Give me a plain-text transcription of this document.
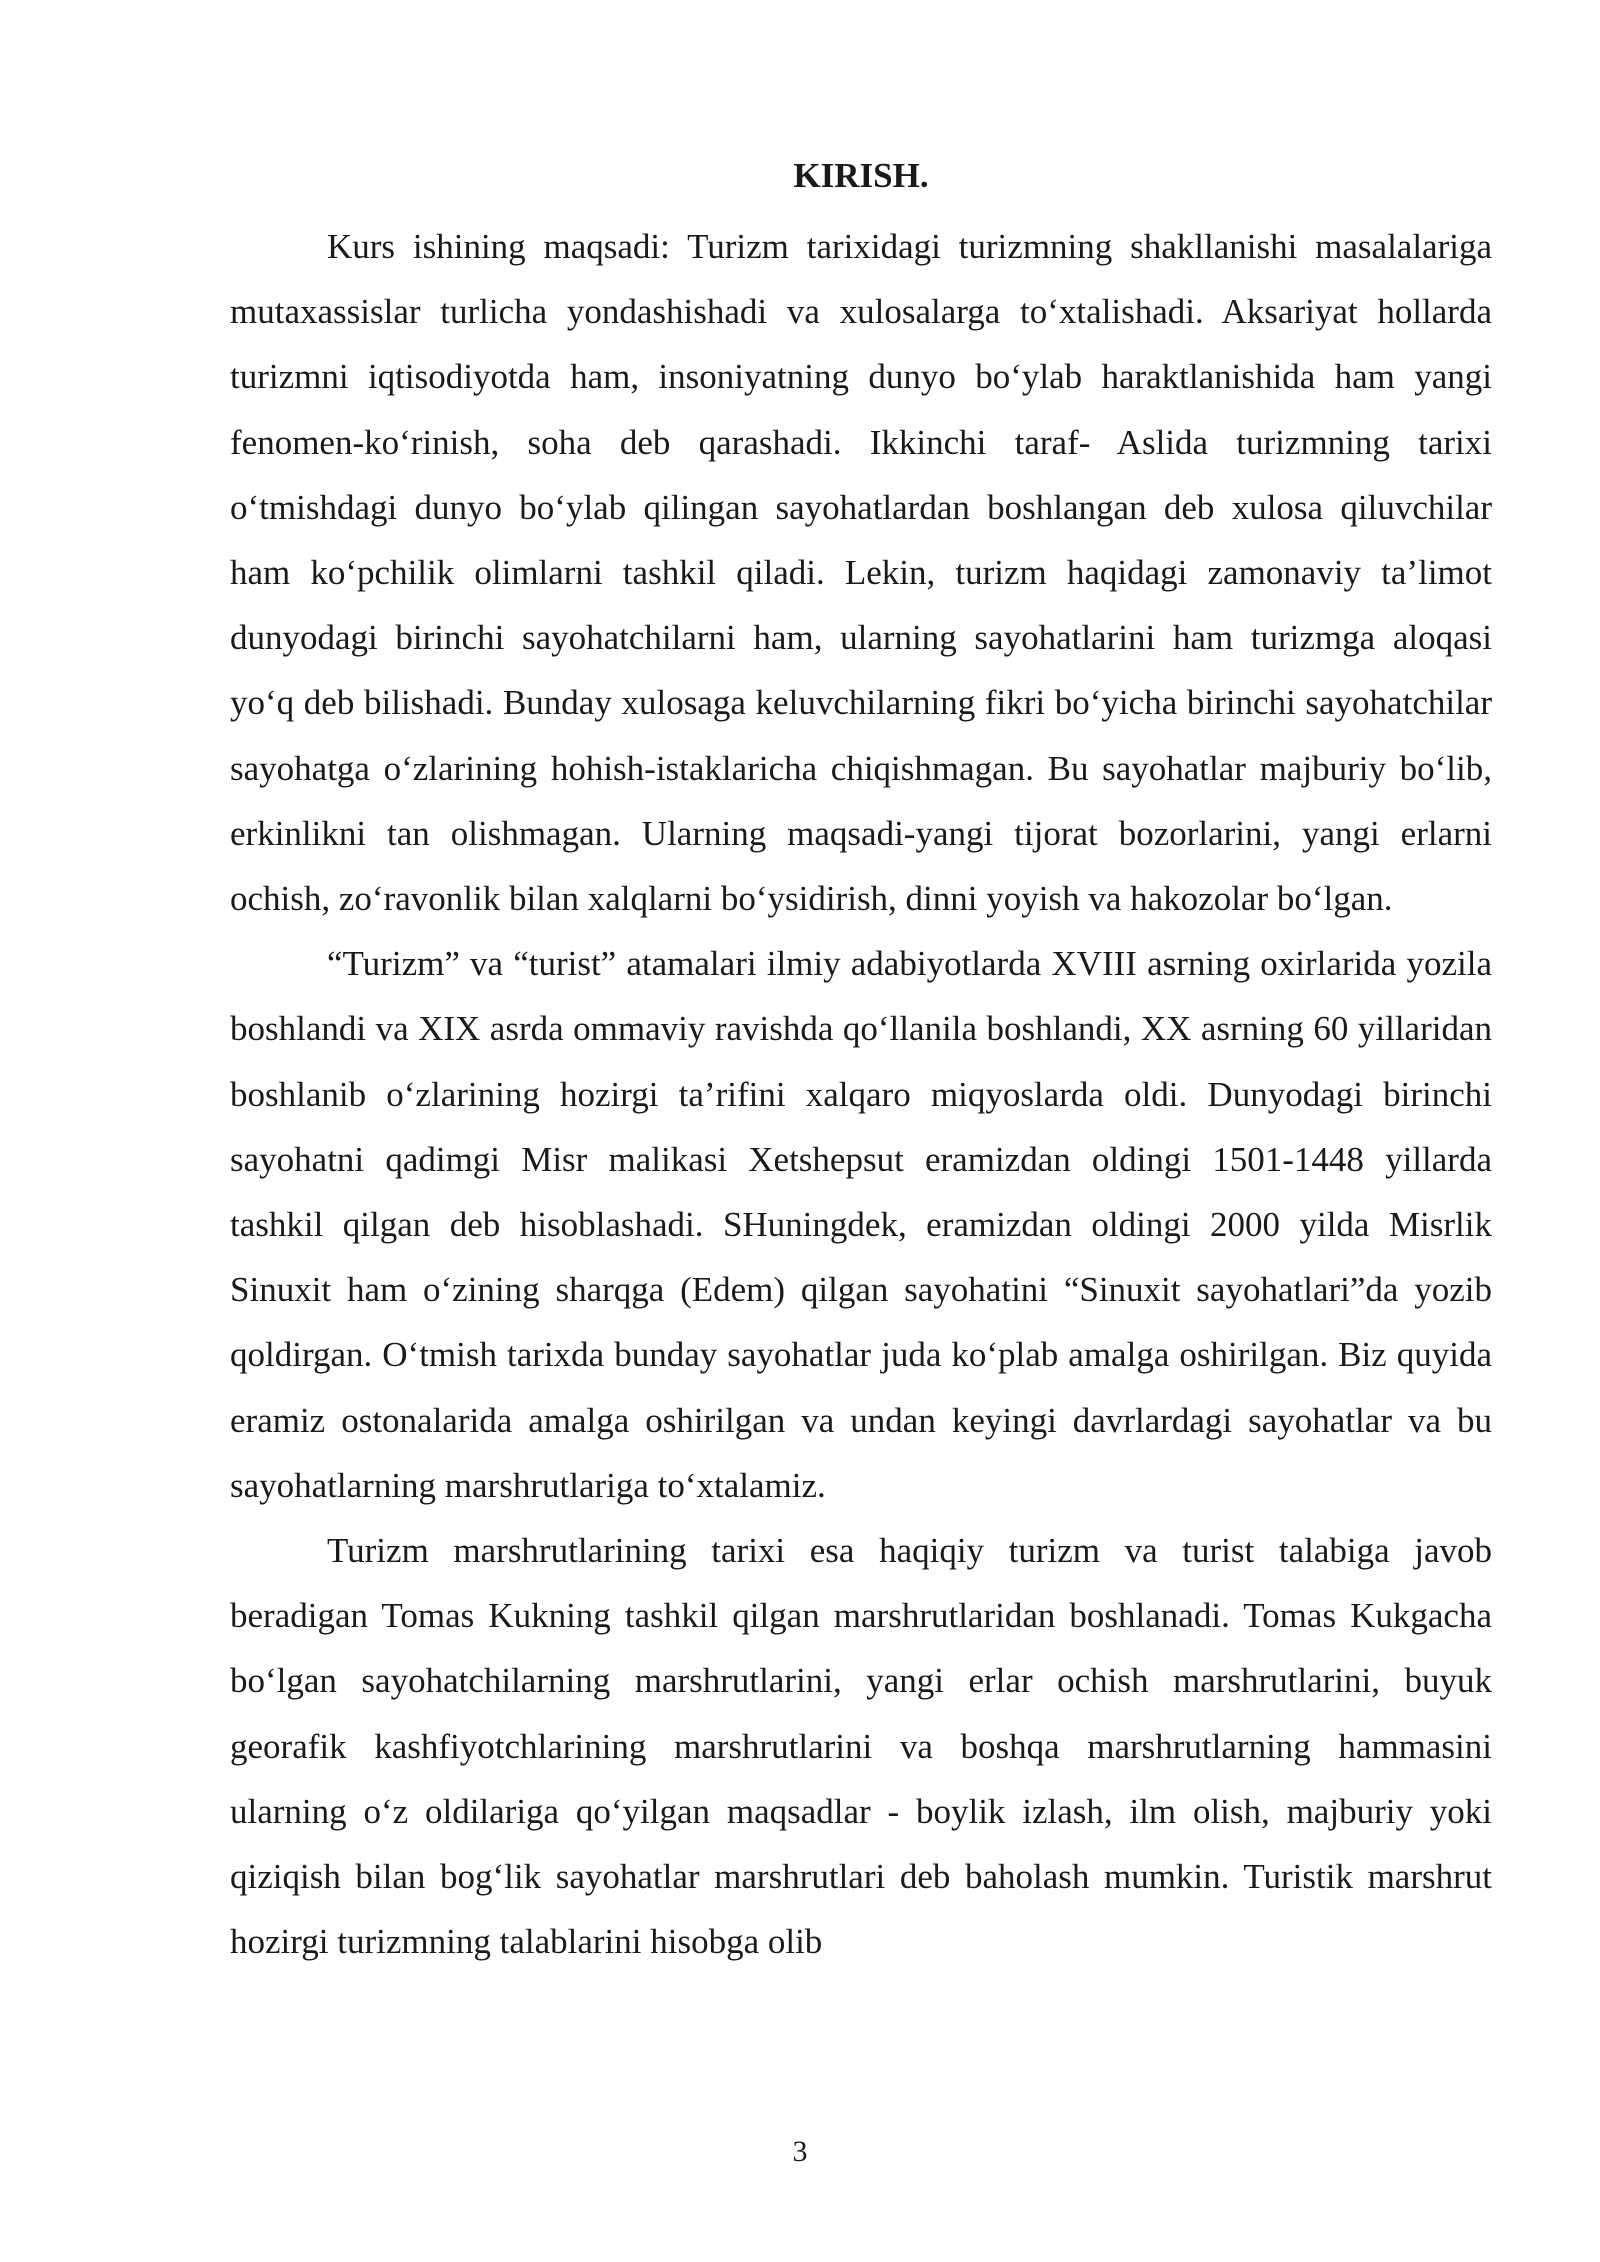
KIRISH.

Kurs ishining maqsadi: Turizm tarixidagi turizmning shakllanishi masalalariga mutaxassislar turlicha yondashishadi va xulosalarga to‘xtalishadi. Aksariyat hollarda turizmni iqtisodiyotda ham, insoniyatning dunyo bo‘ylab haraktlanishida ham yangi fenomen-ko‘rinish, soha deb qarashadi. Ikkinchi taraf- Aslida turizmning tarixi o‘tmishdagi dunyo bo‘ylab qilingan sayohatlardan boshlangan deb xulosa qiluvchilar ham ko‘pchilik olimlarni tashkil qiladi. Lekin, turizm haqidagi zamonaviy ta’limot dunyodagi birinchi sayohatchilarni ham, ularning sayohatlarini ham turizmga aloqasi yo‘q deb bilishadi. Bunday xulosaga keluvchilarning fikri bo‘yicha birinchi sayohatchilar sayohatga o‘zlarining hohish-istaklaricha chiqishmagan. Bu sayohatlar majburiy bo‘lib, erkinlikni tan olishmagan. Ularning maqsadi-yangi tijorat bozorlarini, yangi erlarni ochish, zo‘ravonlik bilan xalqlarni bo‘ysidirish, dinni yoyish va hakozolar bo‘lgan.

“Turizm” va “turist” atamalari ilmiy adabiyotlarda XVIII asrning oxirlarida yozila boshlandi va XIX asrda ommaviy ravishda qo‘llanila boshlandi, XX asrning 60 yillaridan boshlanib o‘zlarining hozirgi ta’rifini xalqaro miqyoslarda oldi. Dunyodagi birinchi sayohatni qadimgi Misr malikasi Xetshepsut eramizdan oldingi 1501-1448 yillarda tashkil qilgan deb hisoblashadi. SHuningdek, eramizdan oldingi 2000 yilda Misrlik Sinuxit ham o‘zining sharqga (Edem) qilgan sayohatini “Sinuxit sayohatlari”da yozib qoldirgan. O‘tmish tarixda bunday sayohatlar juda ko‘plab amalga oshirilgan. Biz quyida eramiz ostonalarida amalga oshirilgan va undan keyingi davrlardagi sayohatlar va bu sayohatlarning marshrutlariga to‘xtalamiz.

Turizm marshrutlarining tarixi esa haqiqiy turizm va turist talabiga javob beradigan Tomas Kukning tashkil qilgan marshrutlaridan boshlanadi. Tomas Kukgacha bo‘lgan sayohatchilarning marshrutlarini, yangi erlar ochish marshrutlarini, buyuk georafik kashfiyotchlarining marshrutlarini va boshqa marshrutlarning hammasini ularning o‘z oldilariga qo‘yilgan maqsadlar - boylik izlash, ilm olish, majburiy yoki qiziqish bilan bog‘lik sayohatlar marshrutlari deb baholash mumkin. Turistik marshrut hozirgi turizmning talablarini hisobga olib

3
